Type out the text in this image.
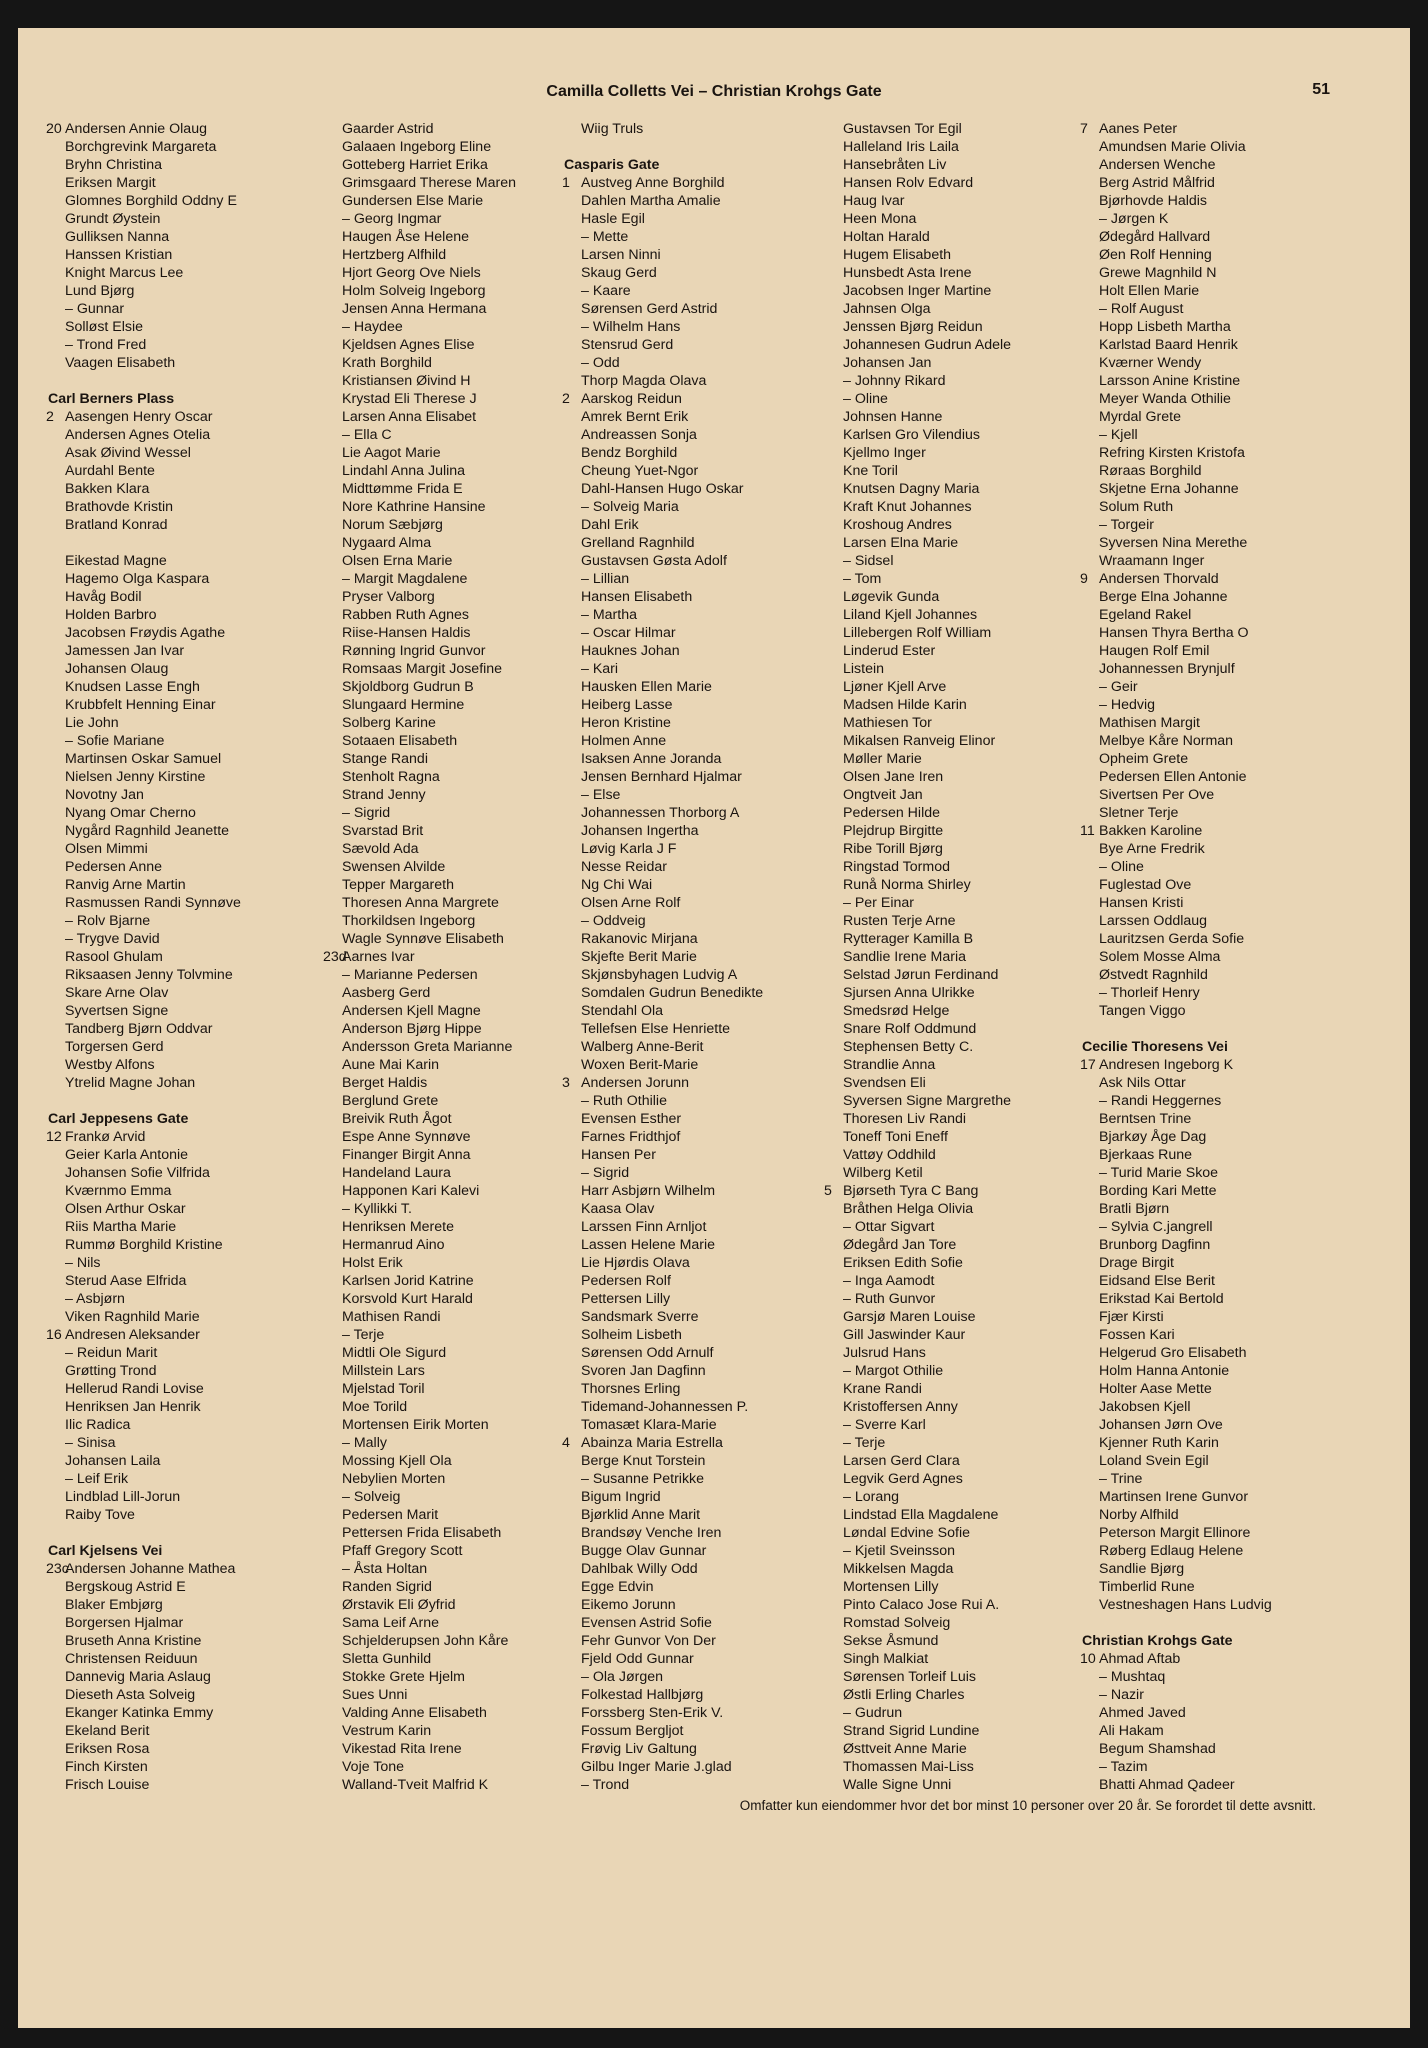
Camilla Colletts Vei – Christian Krohgs Gate	51
20 Andersen Annie Olaug
Borchgrevink Margareta
Bryhn Christina
Eriksen Margit
Glomnes Borghild Oddny E
Grundt Øystein
Gulliksen Nanna
Hanssen Kristian
Knight Marcus Lee
Lund Bjørg
– Gunnar
Solløst Elsie
– Trond Fred
Vaagen Elisabeth
Carl Berners Plass
2 Aasengen Henry Oscar
Andersen Agnes Otelia
Asak Øivind Wessel
Aurdahl Bente
Bakken Klara
Brathovde Kristin
Bratland Konrad
Eikestad Magne
Hagemo Olga Kaspara
Havåg Bodil
Holden Barbro
Jacobsen Frøydis Agathe
Jamessen Jan Ivar
Johansen Olaug
Knudsen Lasse Engh
Krubbfelt Henning Einar
Lie John
– Sofie Mariane
Martinsen Oskar Samuel
Nielsen Jenny Kirstine
Novotny Jan
Nyang Omar Cherno
Nygård Ragnhild Jeanette
Olsen Mimmi
Pedersen Anne
Ranvig Arne Martin
Rasmussen Randi Synnøve
– Rolv Bjarne
– Trygve David
Rasool Ghulam
Riksaasen Jenny Tolvmine
Skare Arne Olav
Syvertsen Signe
Tandberg Bjørn Oddvar
Torgersen Gerd
Westby Alfons
Ytrelid Magne Johan
Carl Jeppesens Gate
12 Frankø Arvid
Geier Karla Antonie
Johansen Sofie Vilfrida
Kværnmo Emma
Olsen Arthur Oskar
Riis Martha Marie
Rummø Borghild Kristine
– Nils
Sterud Aase Elfrida
– Asbjørn
Viken Ragnhild Marie
16 Andresen Aleksander
– Reidun Marit
Grøtting Trond
Hellerud Randi Lovise
Henriksen Jan Henrik
Ilic Radica
– Sinisa
Johansen Laila
– Leif Erik
Lindblad Lill-Jorun
Raiby Tove
Carl Kjelsens Vei
23cAndersen Johanne Mathea
Bergskoug Astrid E
Blaker Embjørg
Borgersen Hjalmar
Bruseth Anna Kristine
Christensen Reiduun
Dannevig Maria Aslaug
Dieseth Asta Solveig
Ekanger Katinka Emmy
Ekeland Berit
Eriksen Rosa
Finch Kirsten
Frisch Louise
Gaarder Astrid
Galaaen Ingeborg Eline
Gotteberg Harriet Erika
Grimsgaard Therese Maren
Gundersen Else Marie
– Georg Ingmar
Haugen Åse Helene
Hertzberg Alfhild
Hjort Georg Ove Niels
Holm Solveig Ingeborg
Jensen Anna Hermana
– Haydee
Kjeldsen Agnes Elise
Krath Borghild
Kristiansen Øivind H
Krystad Eli Therese J
Larsen Anna Elisabet
– Ella C
Lie Aagot Marie
Lindahl Anna Julina
Midttømme Frida E
Nore Kathrine Hansine
Norum Sæbjørg
Nygaard Alma
Olsen Erna Marie
– Margit Magdalene
Pryser Valborg
Rabben Ruth Agnes
Riise-Hansen Haldis
Rønning Ingrid Gunvor
Romsaas Margit Josefine
Skjoldborg Gudrun B
Slungaard Hermine
Solberg Karine
Sotaaen Elisabeth
Stange Randi
Stenholt Ragna
Strand Jenny
– Sigrid
Svarstad Brit
Sævold Ada
Swensen Alvilde
Tepper Margareth
Thoresen Anna Margrete
Thorkildsen Ingeborg
Wagle Synnøve Elisabeth
23dAarnes Ivar
– Marianne Pedersen
Aasberg Gerd
Andersen Kjell Magne
Anderson Bjørg Hippe
Andersson Greta Marianne
Aune Mai Karin
Berget Haldis
Berglund Grete
Breivik Ruth Ågot
Espe Anne Synnøve
Finanger Birgit Anna
Handeland Laura
Happonen Kari Kalevi
– Kyllikki T.
Henriksen Merete
Hermanrud Aino
Holst Erik
Karlsen Jorid Katrine
Korsvold Kurt Harald
Mathisen Randi
– Terje
Midtli Ole Sigurd
Millstein Lars
Mjelstad Toril
Moe Torild
Mortensen Eirik Morten
– Mally
Mossing Kjell Ola
Nebylien Morten
– Solveig
Pedersen Marit
Pettersen Frida Elisabeth
Pfaff Gregory Scott
– Åsta Holtan
Randen Sigrid
Ørstavik Eli Øyfrid
Sama Leif Arne
Schjelderupsen John Kåre
Sletta Gunhild
Stokke Grete Hjelm
Sues Unni
Valding Anne Elisabeth
Vestrum Karin
Vikestad Rita Irene
Voje Tone
Walland-Tveit Malfrid K
Wiig Truls
Casparis Gate
1 Austveg Anne Borghild
Dahlen Martha Amalie
Hasle Egil
– Mette
Larsen Ninni
Skaug Gerd
– Kaare
Sørensen Gerd Astrid
– Wilhelm Hans
Stensrud Gerd
– Odd
Thorp Magda Olava
2 Aarskog Reidun
Amrek Bernt Erik
Andreassen Sonja
Bendz Borghild
Cheung Yuet-Ngor
Dahl-Hansen Hugo Oskar
– Solveig Maria
Dahl Erik
Grelland Ragnhild
Gustavsen Gøsta Adolf
– Lillian
Hansen Elisabeth
– Martha
– Oscar Hilmar
Hauknes Johan
– Kari
Hausken Ellen Marie
Heiberg Lasse
Heron Kristine
Holmen Anne
Isaksen Anne Joranda
Jensen Bernhard Hjalmar
– Else
Johannessen Thorborg A
Johansen Ingertha
Løvig Karla J F
Nesse Reidar
Ng Chi Wai
Olsen Arne Rolf
– Oddveig
Rakanovic Mirjana
Skjefte Berit Marie
Skjønsbyhagen Ludvig A
Somdalen Gudrun Benedikte
Stendahl Ola
Tellefsen Else Henriette
Walberg Anne-Berit
Woxen Berit-Marie
3 Andersen Jorunn
– Ruth Othilie
Evensen Esther
Farnes Fridthjof
Hansen Per
– Sigrid
Harr Asbjørn Wilhelm
Kaasa Olav
Larssen Finn Arnljot
Lassen Helene Marie
Lie Hjørdis Olava
Pedersen Rolf
Pettersen Lilly
Sandsmark Sverre
Solheim Lisbeth
Sørensen Odd Arnulf
Svoren Jan Dagfinn
Thorsnes Erling
Tidemand-Johannessen P.
Tomasæt Klara-Marie
4 Abainza Maria Estrella
Berge Knut Torstein
– Susanne Petrikke
Bigum Ingrid
Bjørklid Anne Marit
Brandsøy Venche Iren
Bugge Olav Gunnar
Dahlbak Willy Odd
Egge Edvin
Eikemo Jorunn
Evensen Astrid Sofie
Fehr Gunvor Von Der
Fjeld Odd Gunnar
– Ola Jørgen
Folkestad Hallbjørg
Forssberg Sten-Erik V.
Fossum Bergljot
Frøvig Liv Galtung
Gilbu Inger Marie J.glad
– Trond
Gustavsen Tor Egil
Halleland Iris Laila
Hansebråten Liv
Hansen Rolv Edvard
Haug Ivar
Heen Mona
Holtan Harald
Hugem Elisabeth
Hunsbedt Asta Irene
Jacobsen Inger Martine
Jahnsen Olga
Jenssen Bjørg Reidun
Johannesen Gudrun Adele
Johansen Jan
– Johnny Rikard
– Oline
Johnsen Hanne
Karlsen Gro Vilendius
Kjellmo Inger
Kne Toril
Knutsen Dagny Maria
Kraft Knut Johannes
Kroshoug Andres
Larsen Elna Marie
– Sidsel
– Tom
Løgevik Gunda
Liland Kjell Johannes
Lillebergen Rolf William
Linderud Ester
Listein
Ljøner Kjell Arve
Madsen Hilde Karin
Mathiesen Tor
Mikalsen Ranveig Elinor
Møller Marie
Olsen Jane Iren
Ongtveit Jan
Pedersen Hilde
Plejdrup Birgitte
Ribe Torill Bjørg
Ringstad Tormod
Runå Norma Shirley
– Per Einar
Rusten Terje Arne
Rytterager Kamilla B
Sandlie Irene Maria
Selstad Jørun Ferdinand
Sjursen Anna Ulrikke
Smedsrød Helge
Snare Rolf Oddmund
Stephensen Betty C.
Strandlie Anna
Svendsen Eli
Syversen Signe Margrethe
Thoresen Liv Randi
Toneff Toni Eneff
Vattøy Oddhild
Wilberg Ketil
5 Bjørseth Tyra C Bang
Bråthen Helga Olivia
– Ottar Sigvart
Ødegård Jan Tore
Eriksen Edith Sofie
– Inga Aamodt
– Ruth Gunvor
Garsjø Maren Louise
Gill Jaswinder Kaur
Julsrud Hans
– Margot Othilie
Krane Randi
Kristoffersen Anny
– Sverre Karl
– Terje
Larsen Gerd Clara
Legvik Gerd Agnes
– Lorang
Lindstad Ella Magdalene
Løndal Edvine Sofie
– Kjetil Sveinsson
Mikkelsen Magda
Mortensen Lilly
Pinto Calaco Jose Rui A.
Romstad Solveig
Sekse Åsmund
Singh Malkiat
Sørensen Torleif Luis
Østli Erling Charles
– Gudrun
Strand Sigrid Lundine
Østtveit Anne Marie
Thomassen Mai-Liss
Walle Signe Unni
7 Aanes Peter
Amundsen Marie Olivia
Andersen Wenche
Berg Astrid Målfrid
Bjørhovde Haldis
– Jørgen K
Ødegård Hallvard
Øen Rolf Henning
Grewe Magnhild N
Holt Ellen Marie
– Rolf August
Hopp Lisbeth Martha
Karlstad Baard Henrik
Kværner Wendy
Larsson Anine Kristine
Meyer Wanda Othilie
Myrdal Grete
– Kjell
Refring Kirsten Kristofa
Røraas Borghild
Skjetne Erna Johanne
Solum Ruth
– Torgeir
Syversen Nina Merethe
Wraamann Inger
9 Andersen Thorvald
Berge Elna Johanne
Egeland Rakel
Hansen Thyra Bertha O
Haugen Rolf Emil
Johannessen Brynjulf
– Geir
– Hedvig
Mathisen Margit
Melbye Kåre Norman
Opheim Grete
Pedersen Ellen Antonie
Sivertsen Per Ove
Sletner Terje
11 Bakken Karoline
Bye Arne Fredrik
– Oline
Fuglestad Ove
Hansen Kristi
Larssen Oddlaug
Lauritzsen Gerda Sofie
Solem Mosse Alma
Østvedt Ragnhild
– Thorleif Henry
Tangen Viggo
Cecilie Thoresens Vei
17 Andresen Ingeborg K
Ask Nils Ottar
– Randi Heggernes
Berntsen Trine
Bjarkøy Åge Dag
Bjerkaas Rune
– Turid Marie Skoe
Bording Kari Mette
Bratli Bjørn
– Sylvia C.jangrell
Brunborg Dagfinn
Drage Birgit
Eidsand Else Berit
Erikstad Kai Bertold
Fjær Kirsti
Fossen Kari
Helgerud Gro Elisabeth
Holm Hanna Antonie
Holter Aase Mette
Jakobsen Kjell
Johansen Jørn Ove
Kjenner Ruth Karin
Loland Svein Egil
– Trine
Martinsen Irene Gunvor
Norby Alfhild
Peterson Margit Ellinore
Røberg Edlaug Helene
Sandlie Bjørg
Timberlid Rune
Vestneshagen Hans Ludvig
Christian Krohgs Gate
10 Ahmad Aftab
– Mushtaq
– Nazir
Ahmed Javed
Ali Hakam
Begum Shamshad
– Tazim
Bhatti Ahmad Qadeer
Omfatter kun eiendommer hvor det bor minst 10 personer over 20 år. Se forordet til dette avsnitt.
